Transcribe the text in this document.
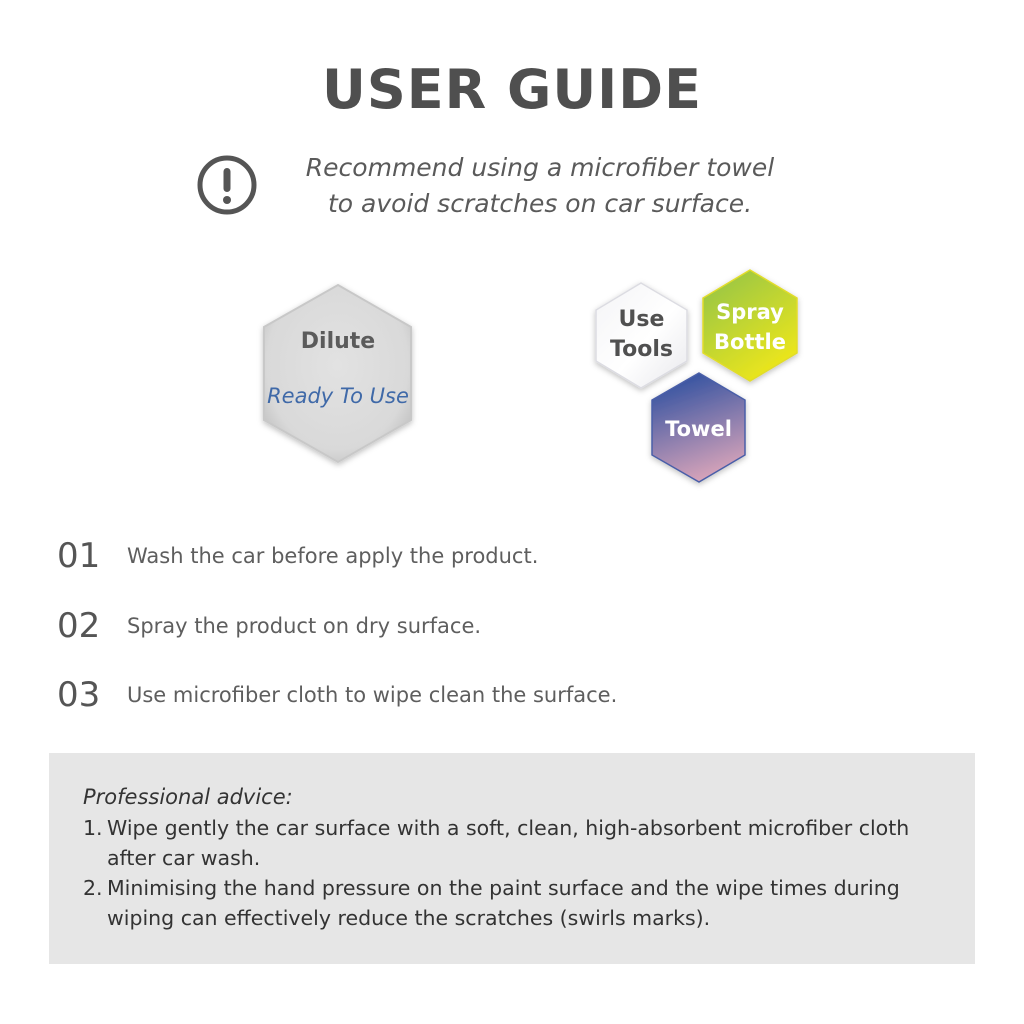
USER GUIDE
Recommend using a microfiber towel
to avoid scratches on car surface.
Dilute
Ready To Use
Use
Tools
Spray
Bottle
Towel
01	Wash the car before apply the product.
02	Spray the product on dry surface.
03	Use microfiber cloth to wipe clean the surface.
Professional advice:
1. Wipe gently the car surface with a soft, clean, high-absorbent microfiber cloth
after car wash.
2. Minimising the hand pressure on the paint surface and the wipe times during
wiping can effectively reduce the scratches (swirls marks).
